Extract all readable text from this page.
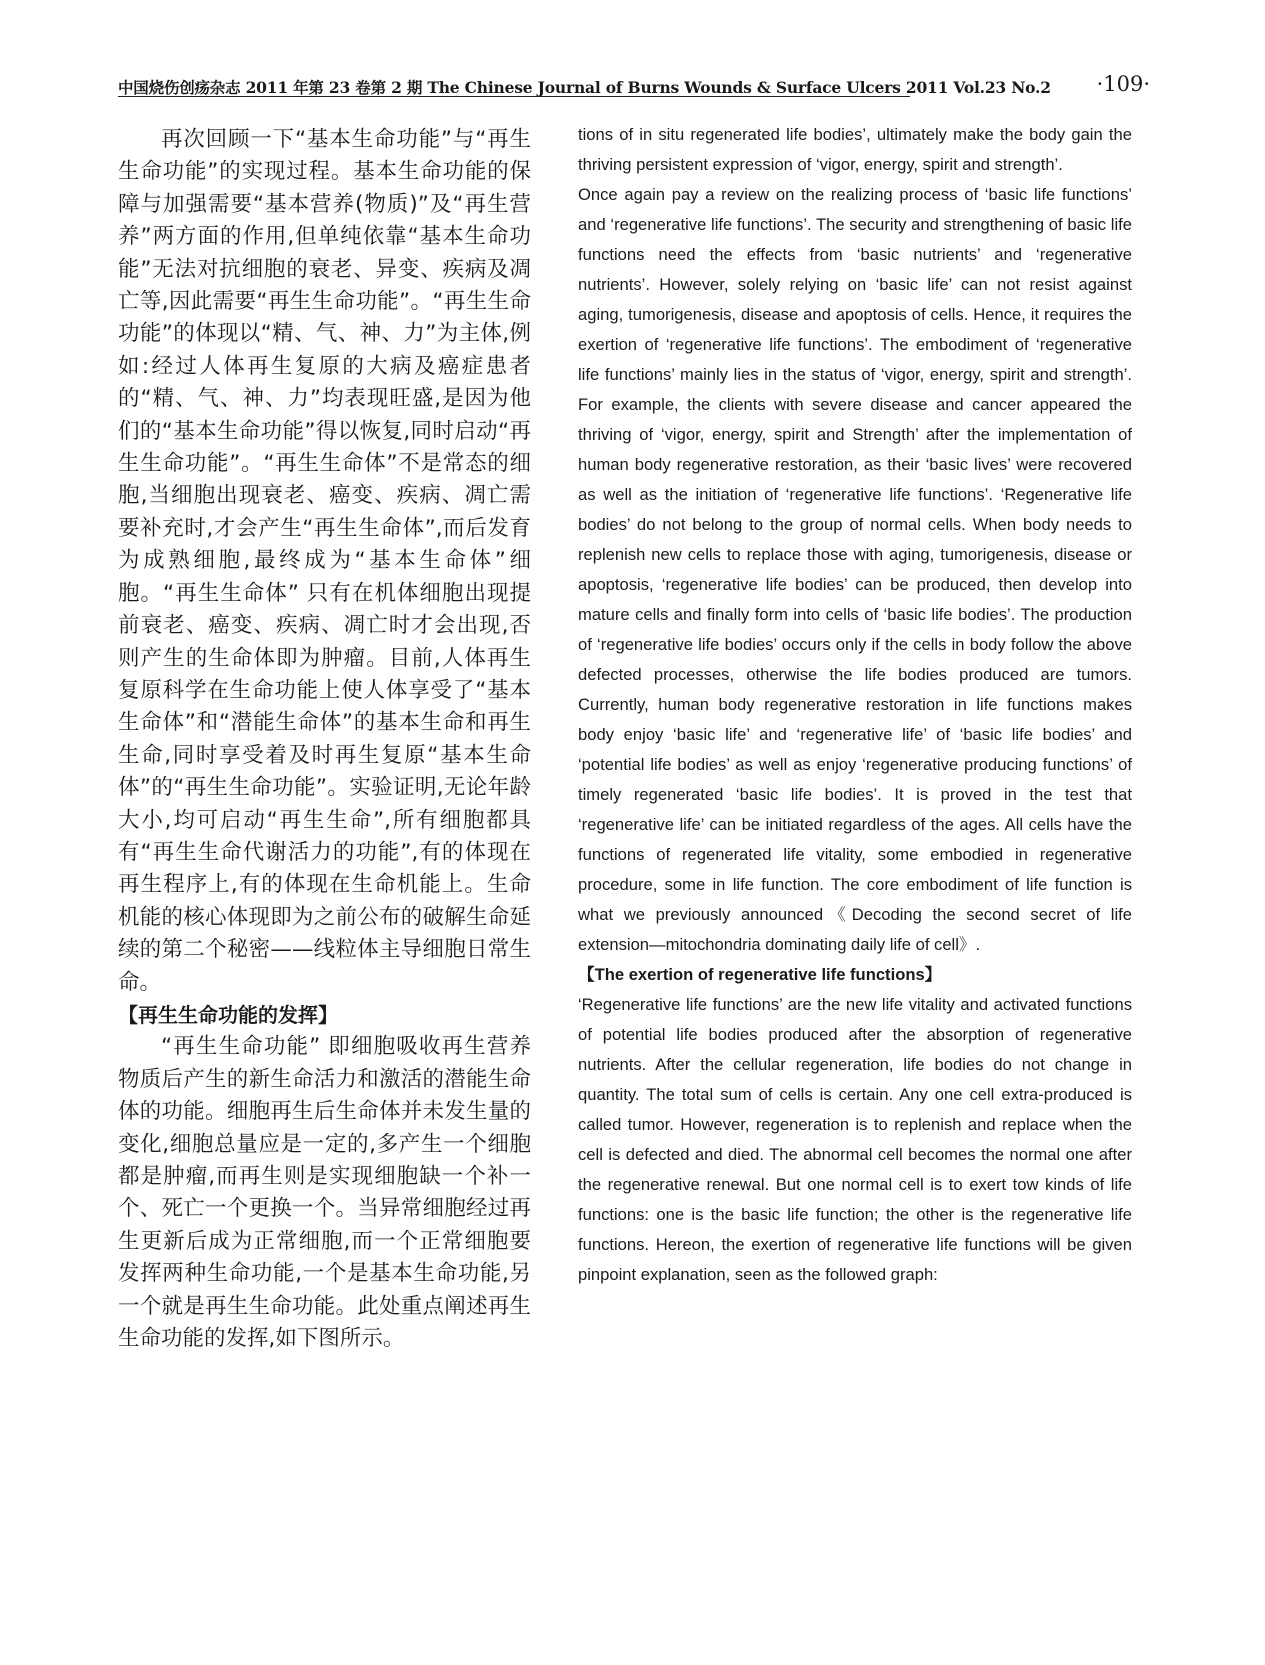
中国烧伤创疡杂志 2011 年第 23 卷第 2 期 The Chinese Journal of Burns Wounds & Surface Ulcers 2011 Vol.23 No.2 ·109·

再次回顾一下“基本生命功能”与“再生生命功能”的实现过程。基本生命功能的保障与加强需要“基本营养(物质)”及“再生营养”两方面的作用,但单纯依靠“基本生命功能”无法对抗细胞的衰老、异变、疾病及凋亡等,因此需要“再生生命功能”。“再生生命功能”的体现以“精、气、神、力”为主体,例如:经过人体再生复原的大病及癌症患者的“精、气、神、力”均表现旺盛,是因为他们的“基本生命功能”得以恢复,同时启动“再生生命功能”。“再生生命体”不是常态的细胞,当细胞出现衰老、癌变、疾病、凋亡需要补充时,才会产生“再生生命体”,而后发育为成熟细胞,最终成为“基本生命体”细胞。“再生生命体” 只有在机体细胞出现提前衰老、癌变、疾病、凋亡时才会出现,否则产生的生命体即为肿瘤。目前,人体再生复原科学在生命功能上使人体享受了“基本生命体”和“潜能生命体”的基本生命和再生生命,同时享受着及时再生复原“基本生命体”的“再生生命功能”。实验证明,无论年龄大小,均可启动“再生生命”,所有细胞都具有“再生生命代谢活力的功能”,有的体现在再生程序上,有的体现在生命机能上。生命机能的核心体现即为之前公布的破解生命延续的第二个秘密——线粒体主导细胞日常生命。

【再生生命功能的发挥】

“再生生命功能” 即细胞吸收再生营养物质后产生的新生命活力和激活的潜能生命体的功能。细胞再生后生命体并未发生量的变化,细胞总量应是一定的,多产生一个细胞都是肿瘤,而再生则是实现细胞缺一个补一个、死亡一个更换一个。当异常细胞经过再生更新后成为正常细胞,而一个正常细胞要发挥两种生命功能,一个是基本生命功能,另一个就是再生生命功能。此处重点阐述再生生命功能的发挥,如下图所示。

tions of in situ regenerated life bodies’, ultimately make the body gain the thriving persistent expression of ‘vigor, energy, spirit and strength’.

Once again pay a review on the realizing process of ‘basic life functions’ and ‘regenerative life functions’. The security and strengthening of basic life functions need the effects from ‘basic nutrients’ and ‘regenerative nutrients’. However, solely relying on ‘basic life’ can not resist against aging, tumorigenesis, disease and apoptosis of cells. Hence, it requires the exertion of ‘regenerative life functions’. The embodiment of ‘regenerative life functions’ mainly lies in the status of ‘vigor, energy, spirit and strength’. For example, the clients with severe disease and cancer appeared the thriving of ‘vigor, energy, spirit and Strength’ after the implementation of human body regenerative restoration, as their ‘basic lives’ were recovered as well as the initiation of ‘regenerative life functions’. ‘Regenerative life bodies’ do not belong to the group of normal cells. When body needs to replenish new cells to replace those with aging, tumorigenesis, disease or apoptosis, ‘regenerative life bodies’ can be produced, then develop into mature cells and finally form into cells of ‘basic life bodies’. The production of ‘regenerative life bodies’ occurs only if the cells in body follow the above defected processes, otherwise the life bodies produced are tumors. Currently, human body regenerative restoration in life functions makes body enjoy ‘basic life’ and ‘regenerative life’ of ‘basic life bodies’ and ‘potential life bodies’ as well as enjoy ‘regenerative producing functions’ of timely regenerated ‘basic life bodies’. It is proved in the test that ‘regenerative life’ can be initiated regardless of the ages. All cells have the functions of regenerated life vitality, some embodied in regenerative procedure, some in life function. The core embodiment of life function is what we previously announced《Decoding the second secret of life extension—mitochondria dominating daily life of cell》.

【The exertion of regenerative life functions】

‘Regenerative life functions’ are the new life vitality and activated functions of potential life bodies produced after the absorption of regenerative nutrients. After the cellular regeneration, life bodies do not change in quantity. The total sum of cells is certain. Any one cell extra-produced is called tumor. However, regeneration is to replenish and replace when the cell is defected and died. The abnormal cell becomes the normal one after the regenerative renewal. But one normal cell is to exert tow kinds of life functions: one is the basic life function; the other is the regenerative life functions. Hereon, the exertion of regenerative life functions will be given pinpoint explanation, seen as the followed graph:
